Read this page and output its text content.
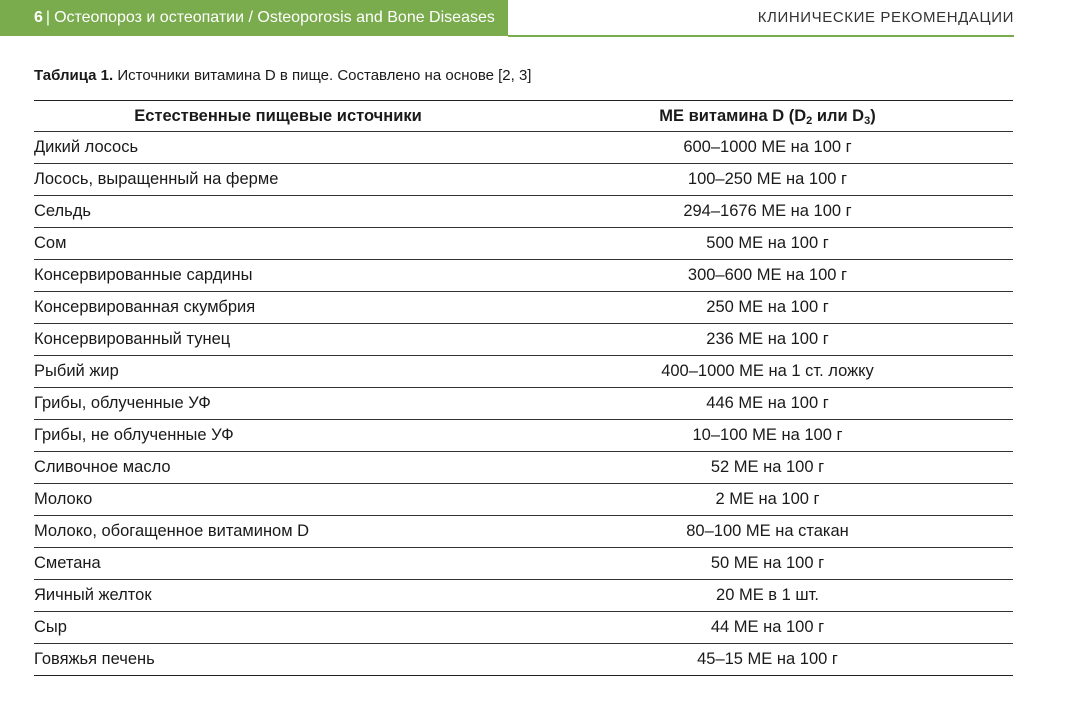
6 | Остеопороз и остеопатии / Osteoporosis and Bone Diseases	КЛИНИЧЕСКИЕ РЕКОМЕНДАЦИИ
Таблица 1. Источники витамина D в пище. Составлено на основе [2, 3]
Естественные пищевые источники	МЕ витамина D ($D_2$ или $D_3$)
Дикий лосось	600–1000 МЕ на 100 г
Лосось, выращенный на ферме	100–250 МЕ на 100 г
Сельдь	294–1676 МЕ на 100 г
Сом	500 МЕ на 100 г
Консервированные сардины	300–600 МЕ на 100 г
Консервированная скумбрия	250 МЕ на 100 г
Консервированный тунец	236 МЕ на 100 г
Рыбий жир	400–1000 МЕ на 1 ст. ложку
Грибы, облученные УФ	446 МЕ на 100 г
Грибы, не облученные УФ	10–100 МЕ на 100 г
Сливочное масло	52 МЕ на 100 г
Молоко	2 МЕ на 100 г
Молоко, обогащенное витамином D	80–100 МЕ на стакан
Сметана	50 МЕ на 100 г
Яичный желток	20 МЕ в 1 шт.
Сыр	44 МЕ на 100 г
Говяжья печень	45–15 МЕ на 100 г
